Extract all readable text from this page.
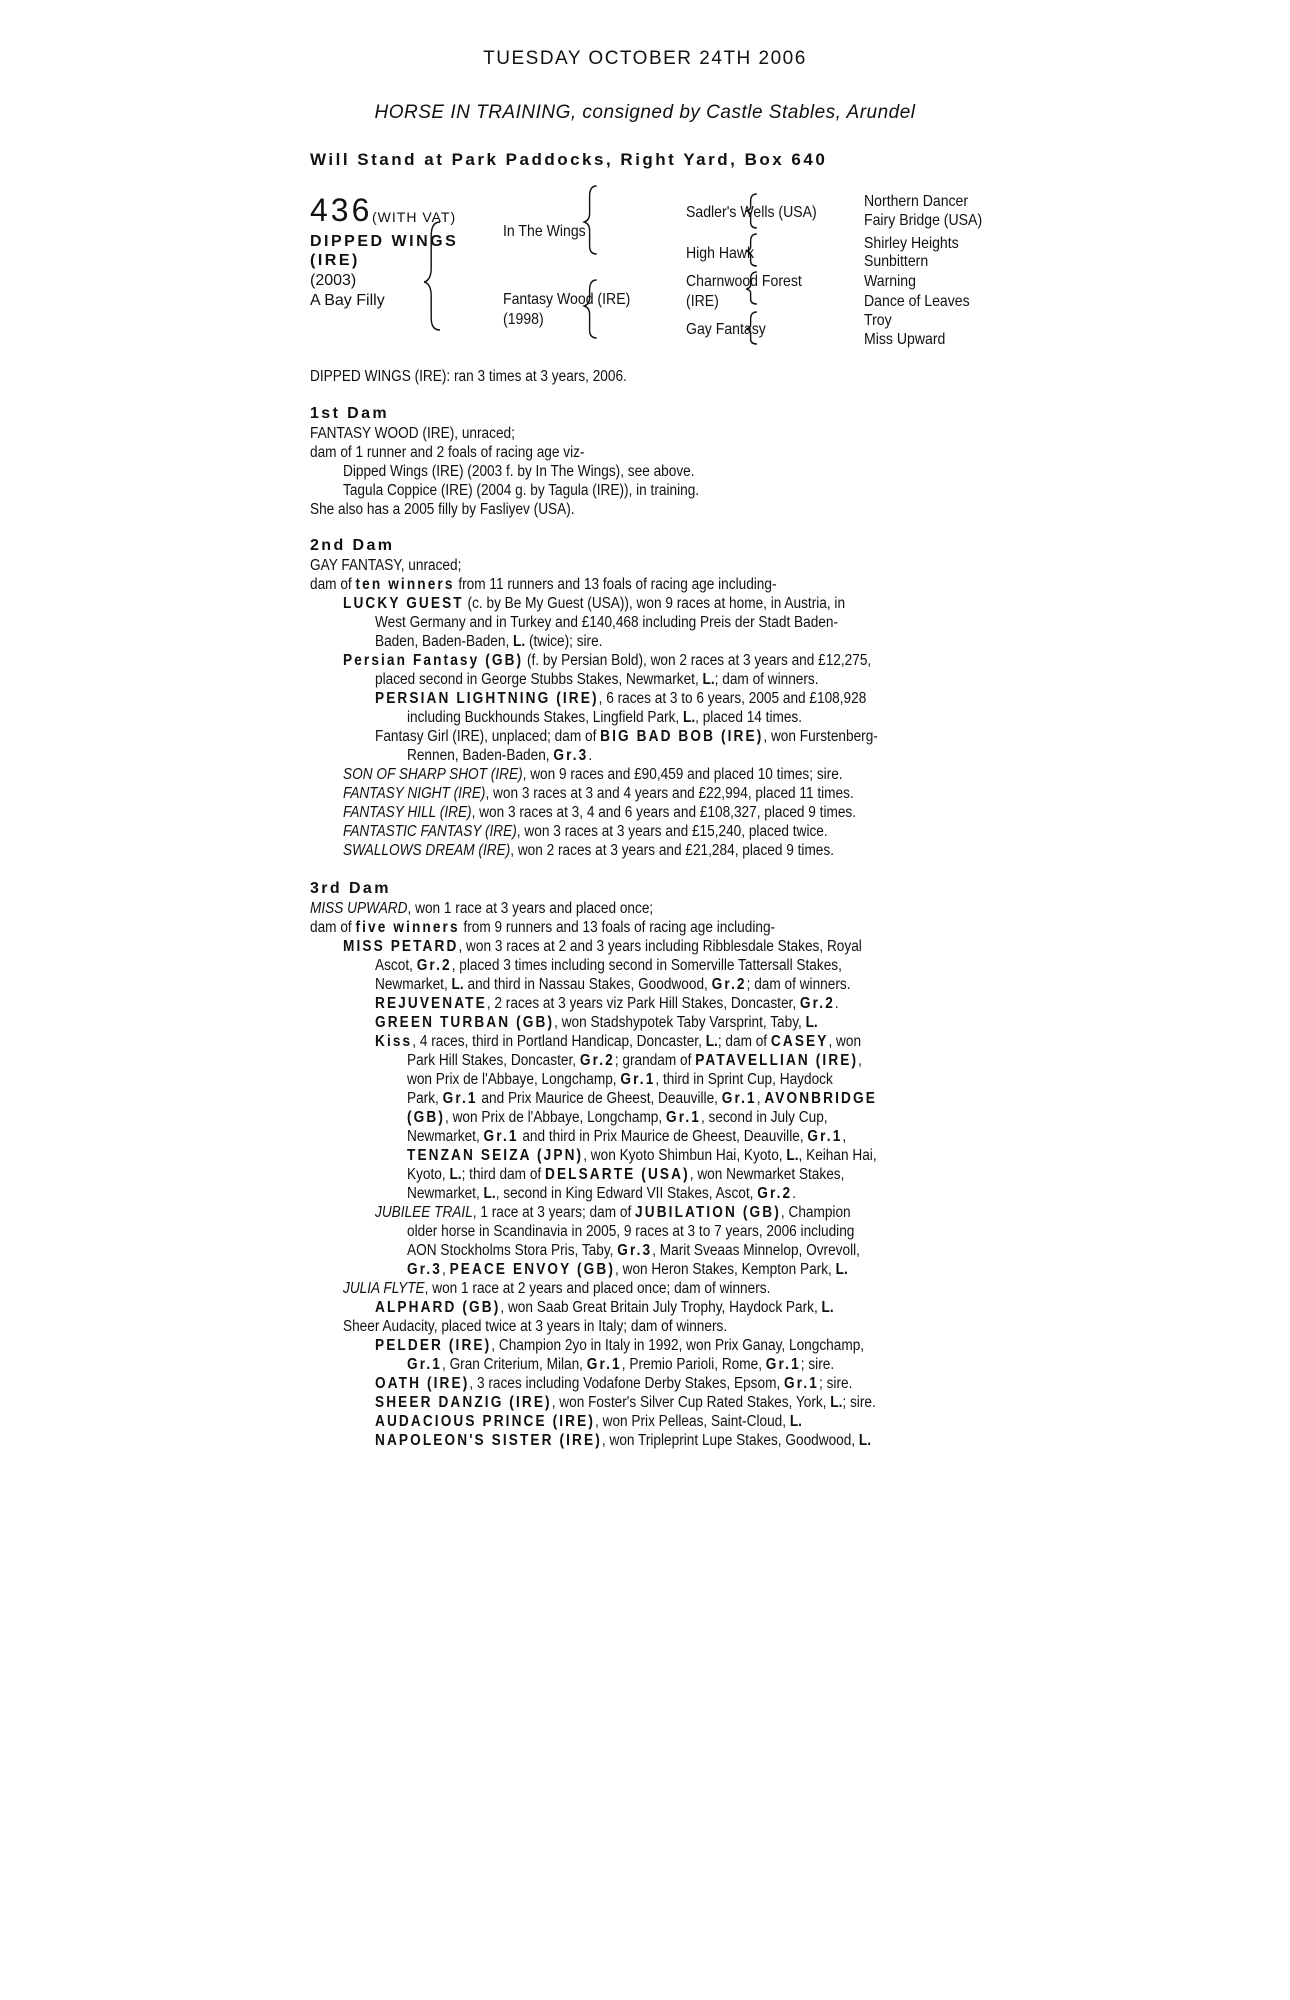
TUESDAY OCTOBER 24TH 2006
HORSE IN TRAINING, consigned by Castle Stables, Arundel
Will Stand at Park Paddocks, Right Yard, Box 640
436 (WITH VAT)
DIPPED WINGS
(IRE)
(2003)
A Bay Filly
In The Wings
Fantasy Wood (IRE)
(1998)
Sadler's Wells (USA)
High Hawk
Charnwood Forest
(IRE)
Gay Fantasy
Northern Dancer
Fairy Bridge (USA)
Shirley Heights
Sunbittern
Warning
Dance of Leaves
Troy
Miss Upward
DIPPED WINGS (IRE): ran 3 times at 3 years, 2006.
1st Dam
2nd Dam
3rd Dam
FANTASY WOOD (IRE), unraced;
dam of 1 runner and 2 foals of racing age viz-
Dipped Wings (IRE) (2003 f. by In The Wings), see above.
Tagula Coppice (IRE) (2004 g. by Tagula (IRE)), in training.
She also has a 2005 filly by Fasliyev (USA).
GAY FANTASY, unraced;
dam of ten winners from 11 runners and 13 foals of racing age including-
LUCKY GUEST (c. by Be My Guest (USA)), won 9 races at home, in Austria, in
West Germany and in Turkey and £140,468 including Preis der Stadt Baden-
Baden, Baden-Baden, L. (twice); sire.
Persian Fantasy (GB) (f. by Persian Bold), won 2 races at 3 years and £12,275,
placed second in George Stubbs Stakes, Newmarket, L.; dam of winners.
PERSIAN LIGHTNING (IRE), 6 races at 3 to 6 years, 2005 and £108,928
including Buckhounds Stakes, Lingfield Park, L., placed 14 times.
Fantasy Girl (IRE), unplaced; dam of BIG BAD BOB (IRE), won Furstenberg-
Rennen, Baden-Baden, Gr.3.
SON OF SHARP SHOT (IRE), won 9 races and £90,459 and placed 10 times; sire.
FANTASY NIGHT (IRE), won 3 races at 3 and 4 years and £22,994, placed 11 times.
FANTASY HILL (IRE), won 3 races at 3, 4 and 6 years and £108,327, placed 9 times.
FANTASTIC FANTASY (IRE), won 3 races at 3 years and £15,240, placed twice.
SWALLOWS DREAM (IRE), won 2 races at 3 years and £21,284, placed 9 times.
MISS UPWARD, won 1 race at 3 years and placed once;
dam of five winners from 9 runners and 13 foals of racing age including-
MISS PETARD, won 3 races at 2 and 3 years including Ribblesdale Stakes, Royal
Ascot, Gr.2, placed 3 times including second in Somerville Tattersall Stakes,
Newmarket, L. and third in Nassau Stakes, Goodwood, Gr.2; dam of winners.
REJUVENATE, 2 races at 3 years viz Park Hill Stakes, Doncaster, Gr.2.
GREEN TURBAN (GB), won Stadshypotek Taby Varsprint, Taby, L.
Kiss, 4 races, third in Portland Handicap, Doncaster, L.; dam of CASEY, won
Park Hill Stakes, Doncaster, Gr.2; grandam of PATAVELLIAN (IRE),
won Prix de l'Abbaye, Longchamp, Gr.1, third in Sprint Cup, Haydock
Park, Gr.1 and Prix Maurice de Gheest, Deauville, Gr.1, AVONBRIDGE
(GB), won Prix de l'Abbaye, Longchamp, Gr.1, second in July Cup,
Newmarket, Gr.1 and third in Prix Maurice de Gheest, Deauville, Gr.1,
TENZAN SEIZA (JPN), won Kyoto Shimbun Hai, Kyoto, L., Keihan Hai,
Kyoto, L.; third dam of DELSARTE (USA), won Newmarket Stakes,
Newmarket, L., second in King Edward VII Stakes, Ascot, Gr.2.
JUBILEE TRAIL, 1 race at 3 years; dam of JUBILATION (GB), Champion
older horse in Scandinavia in 2005, 9 races at 3 to 7 years, 2006 including
AON Stockholms Stora Pris, Taby, Gr.3, Marit Sveaas Minnelop, Ovrevoll,
Gr.3, PEACE ENVOY (GB), won Heron Stakes, Kempton Park, L.
JULIA FLYTE, won 1 race at 2 years and placed once; dam of winners.
ALPHARD (GB), won Saab Great Britain July Trophy, Haydock Park, L.
Sheer Audacity, placed twice at 3 years in Italy; dam of winners.
PELDER (IRE), Champion 2yo in Italy in 1992, won Prix Ganay, Longchamp,
Gr.1, Gran Criterium, Milan, Gr.1, Premio Parioli, Rome, Gr.1; sire.
OATH (IRE), 3 races including Vodafone Derby Stakes, Epsom, Gr.1; sire.
SHEER DANZIG (IRE), won Foster's Silver Cup Rated Stakes, York, L.; sire.
AUDACIOUS PRINCE (IRE), won Prix Pelleas, Saint-Cloud, L.
NAPOLEON'S SISTER (IRE), won Tripleprint Lupe Stakes, Goodwood, L.
